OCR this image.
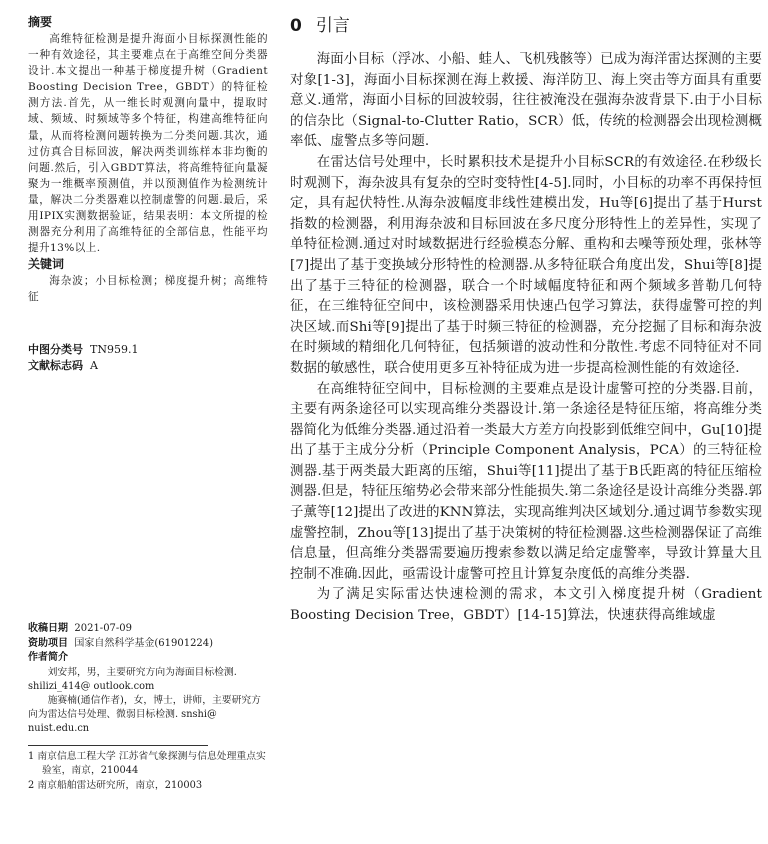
摘要

高维特征检测是提升海面小目标探测性能的一种有效途径，其主要难点在于高维空间分类器设计.本文提出一种基于梯度提升树（Gradient Boosting Decision Tree，GBDT）的特征检测方法.首先，从一维长时观测向量中，提取时域、频域、时频域等多个特征，构建高维特征向量，从而将检测问题转换为二分类问题.其次，通过仿真合目标回波，解决两类训练样本非均衡的问题.然后，引入GBDT算法，将高维特征向量凝聚为一维概率预测值，并以预测值作为检测统计量，解决二分类器难以控制虚警的问题.最后，采用IPIX实测数据验证，结果表明：本文所提的检测器充分利用了高维特征的全部信息，性能平均提升13%以上.

关键词

海杂波；小目标检测；梯度提升树；高维特征

中图分类号 TN959.1

文献标志码 A

收稿日期 2021-07-09

资助项目 国家自然科学基金(61901224)

作者简介

刘安邦，男，主要研究方向为海面目标检测. shilizi_414@ outlook.com

施赛楠(通信作者)，女，博士，讲师，主要研究方向为雷达信号处理、微弱目标检测. snshi@ nuist.edu.cn

1 南京信息工程大学 江苏省气象探测与信息处理重点实验室，南京，210044

2 南京船舶雷达研究所，南京，210003

0 引言

海面小目标（浮冰、小船、蛙人、飞机残骸等）已成为海洋雷达探测的主要对象[1-3]，海面小目标探测在海上救援、海洋防卫、海上突击等方面具有重要意义.通常，海面小目标的回波较弱，往往被淹没在强海杂波背景下.由于小目标的信杂比（Signal-to-Clutter Ratio，SCR）低，传统的检测器会出现检测概率低、虚警点多等问题.

在雷达信号处理中，长时累积技术是提升小目标SCR的有效途径.在秒级长时观测下，海杂波具有复杂的空时变特性[4-5].同时，小目标的功率不再保持恒定，具有起伏特性.从海杂波幅度非线性建模出发，Hu等[6]提出了基于Hurst指数的检测器，利用海杂波和目标回波在多尺度分形特性上的差异性，实现了单特征检测.通过对时域数据进行经验模态分解、重构和去噪等预处理，张林等[7]提出了基于变换域分形特性的检测器.从多特征联合角度出发，Shui等[8]提出了基于三特征的检测器，联合一个时域幅度特征和两个频域多普勒几何特征，在三维特征空间中，该检测器采用快速凸包学习算法，获得虚警可控的判决区域.而Shi等[9]提出了基于时频三特征的检测器，充分挖掘了目标和海杂波在时频域的精细化几何特征，包括频谱的波动性和分散性.考虑不同特征对不同数据的敏感性，联合使用更多互补特征成为进一步提高检测性能的有效途径.

在高维特征空间中，目标检测的主要难点是设计虚警可控的分类器.目前，主要有两条途径可以实现高维分类器设计.第一条途径是特征压缩，将高维分类器简化为低维分类器.通过沿着一类最大方差方向投影到低维空间中，Gu[10]提出了基于主成分分析（Principle Component Analysis，PCA）的三特征检测器.基于两类最大距离的压缩，Shui等[11]提出了基于B氏距离的特征压缩检测器.但是，特征压缩势必会带来部分性能损失.第二条途径是设计高维分类器.郭子薰等[12]提出了改进的KNN算法，实现高维判决区域划分.通过调节参数实现虚警控制，Zhou等[13]提出了基于决策树的特征检测器.这些检测器保证了高维信息量，但高维分类器需要遍历搜索参数以满足给定虚警率，导致计算量大且控制不准确.因此，亟需设计虚警可控且计算复杂度低的高维分类器.

为了满足实际雷达快速检测的需求，本文引入梯度提升树（Gradient Boosting Decision Tree，GBDT）[14-15]算法，快速获得高维域虚
